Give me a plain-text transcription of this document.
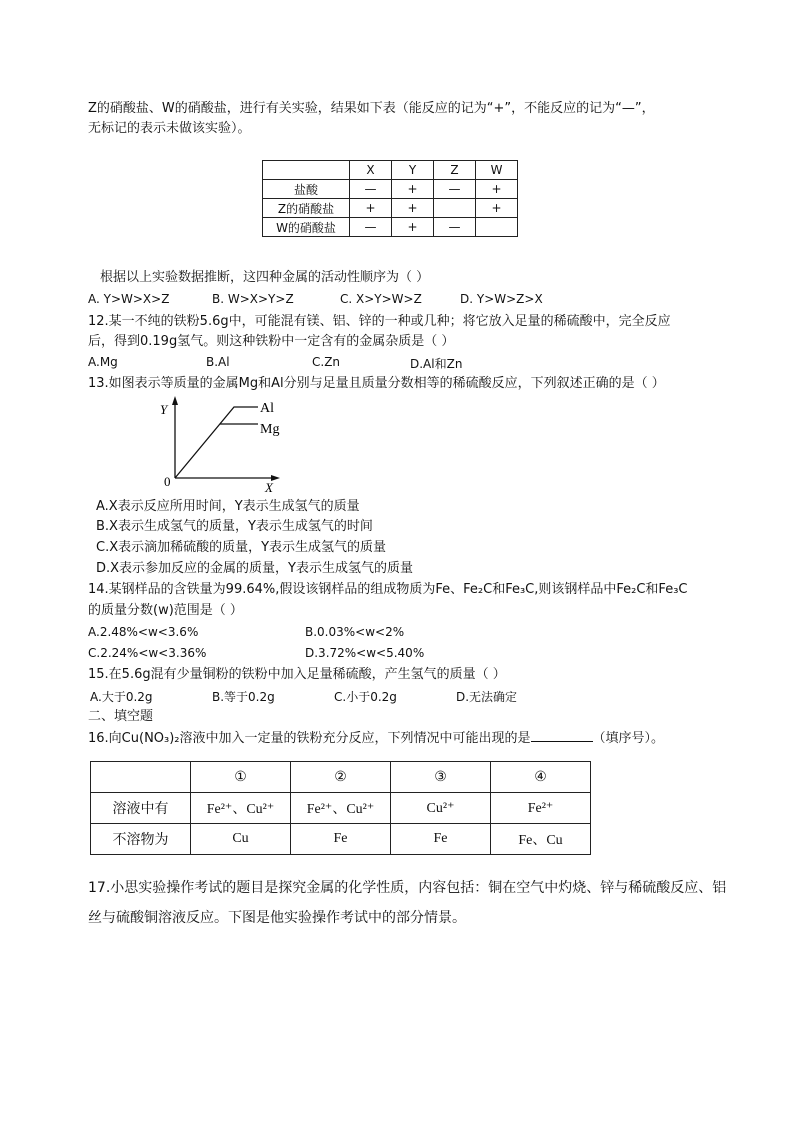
Z的硝酸盐、W的硝酸盐，进行有关实验，结果如下表（能反应的记为“+”，不能反应的记为“—”，
无标记的表示未做该实验）。
	X	Y	Z	W
盐酸	—	+	—	+
Z的硝酸盐	+	+		+
W的硝酸盐	—	+	—	
根据以上实验数据推断，这四种金属的活动性顺序为（ ）
A. Y>W>X>Z	B. W>X>Y>Z	C. X>Y>W>Z	D. Y>W>Z>X
12.某一不纯的铁粉5.6g中，可能混有镁、铝、锌的一种或几种；将它放入足量的稀硫酸中，完全反应
后，得到0.19g氢气。则这种铁粉中一定含有的金属杂质是（ ）
A.Mg	B.Al	C.Zn	D.Al和Zn
13.如图表示等质量的金属Mg和Al分别与足量且质量分数相等的稀硫酸反应，下列叙述正确的是（ ）
Y
X
0
Al
Mg
A.X表示反应所用时间，Y表示生成氢气的质量
B.X表示生成氢气的质量，Y表示生成氢气的时间
C.X表示滴加稀硫酸的质量，Y表示生成氢气的质量
D.X表示参加反应的金属的质量，Y表示生成氢气的质量
14.某钢样品的含铁量为99.64%,假设该钢样品的组成物质为Fe、Fe₂C和Fe₃C,则该钢样品中Fe₂C和Fe₃C
的质量分数(w)范围是（ ）
A.2.48%<w<3.6%	B.0.03%<w<2%
C.2.24%<w<3.36%	D.3.72%<w<5.40%
15.在5.6g混有少量铜粉的铁粉中加入足量稀硫酸，产生氢气的质量（ ）
A.大于0.2g	B.等于0.2g	C.小于0.2g	D.无法确定
二、填空题
16.向Cu(NO₃)₂溶液中加入一定量的铁粉充分反应，下列情况中可能出现的是	（填序号）。
	①	②	③	④
溶液中有	Fe²⁺、Cu²⁺	Fe²⁺、Cu²⁺	Cu²⁺	Fe²⁺
不溶物为	Cu	Fe	Fe	Fe、Cu
17.小思实验操作考试的题目是探究金属的化学性质，内容包括：铜在空气中灼烧、锌与稀硫酸反应、铝
丝与硫酸铜溶液反应。下图是他实验操作考试中的部分情景。
